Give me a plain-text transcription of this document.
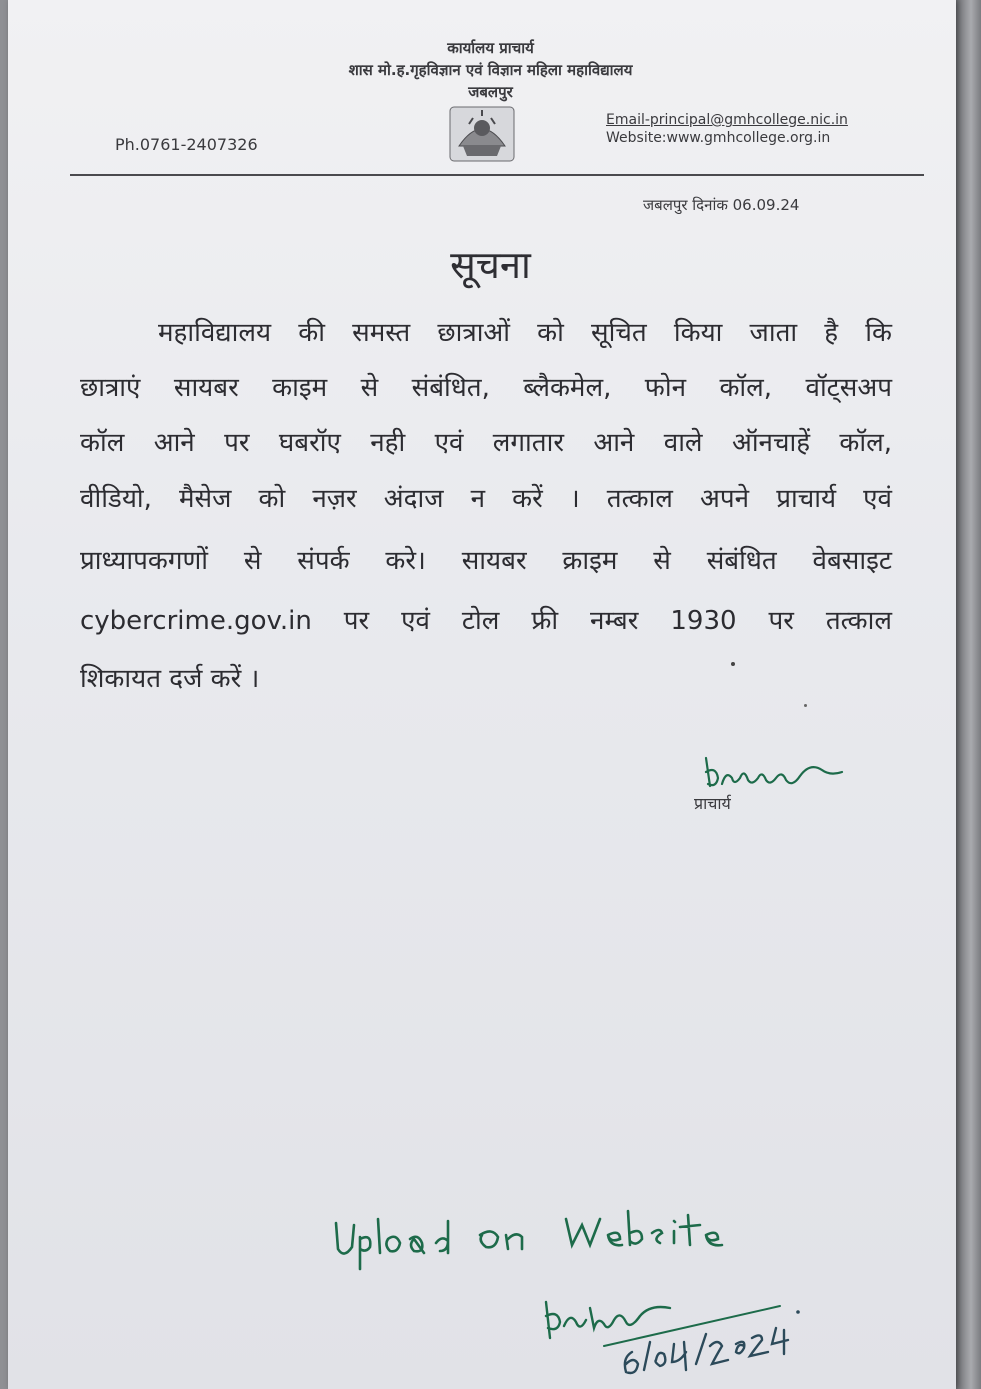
कार्यालय प्राचार्य
शास मो.ह.गृहविज्ञान एवं विज्ञान महिला महाविद्यालय
जबलपुर
Ph.0761-2407326
Email-principal@gmhcollege.nic.in
Website:www.gmhcollege.org.in
जबलपुर दिनांक 06.09.24
सूचना
महाविद्यालय की समस्त छात्राओं को सूचित किया जाता है कि
छात्राएं सायबर काइम से संबंधित, ब्लैकमेल, फोन कॉल, वॉट्सअप
कॉल आने पर घबरॉए नही एवं लगातार आने वाले ऑनचाहें कॉल,
वीडियो, मैसेज को नज़र अंदाज न करें । तत्काल अपने प्राचार्य एवं
प्राध्यापकगणों से संपर्क करे। सायबर क्राइम से संबंधित वेबसाइट
cybercrime.gov.in पर एवं टोल फ्री नम्बर 1930 पर तत्काल
शिकायत दर्ज करें ।
प्राचार्य
